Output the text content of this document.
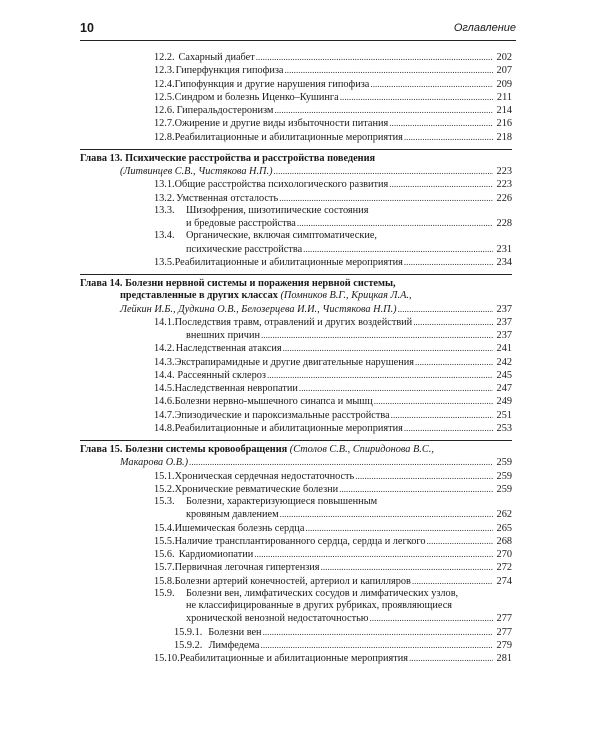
10	Оглавление
12.2. Сахарный диабет . . .	202
12.3. Гиперфункция гипофиза . . .	207
12.4. Гипофункция и другие нарушения гипофиза . . .	209
12.5. Синдром и болезнь Иценко–Кушинга . . .	211
12.6. Гиперальдостеронизм . . .	214
12.7. Ожирение и другие виды избыточности питания . . .	216
12.8. Реабилитационные и абилитационные мероприятия . . .	218
Глава 13.
Психические расстройства и расстройства поведения
(Литвинцев С.В., Чистякова Н.П.) . . .	223
13.1. Общие расстройства психологического развития . . .	223
13.2. Умственная отсталость . . .	226
13.3.	Шизофрения, шизотипические состояния
и бредовые расстройства . . .	228
13.4.	Органические, включая симптоматические,
психические расстройства . . .	231
13.5. Реабилитационные и абилитационные мероприятия . . .	234
Глава 14.
Болезни нервной системы и поражения нервной системы,
представленные в других классах
(Помников В.Г., Крицкая Л.А.,
Лейкин И.Б., Дудкина О.В., Белозерцева И.И., Чистякова Н.П.) . . .	237
14.1. Последствия травм, отравлений и других воздействий . . .	237
внешних причин . . .	237
14.2. Наследственная атаксия . . .	241
14.3. Экстрапирамидные и другие двигательные нарушения . . .	242
14.4. Рассеянный склероз . . .	245
14.5. Наследственная невропатии . . .	247
14.6. Болезни нервно-мышечного синапса и мышц . . .	249
14.7. Эпизодические и пароксизмальные расстройства . . .	251
14.8. Реабилитационные и абилитационные мероприятия . . .	253
Глава 15.
Болезни системы кровообращения
(Столов С.В., Спиридонова В.С.,
Макарова О.В.) . . .	259
15.1. Хроническая сердечная недостаточность . . .	259
15.2. Хронические ревматические болезни . . .	259
15.3.	Болезни, характеризующиеся повышенным
кровяным давлением . . .	262
15.4. Ишемическая болезнь сердца . . .	265
15.5. Наличие трансплантированного сердца, сердца и легкого . . .	268
15.6. Кардиомиопатии . . .	270
15.7. Первичная легочная гипертензия . . .	272
15.8. Болезни артерий конечностей, артериол и капилляров . . .	274
15.9.	Болезни вен, лимфатических сосудов и лимфатических узлов,
не классифицированные в других рубриках, проявляющиеся
хронической венозной недостаточностью . . .	277
15.9.1. Болезни вен . . .	277
15.9.2. Лимфедема . . .	279
15.10. Реабилитационные и абилитационные мероприятия . . .	281
